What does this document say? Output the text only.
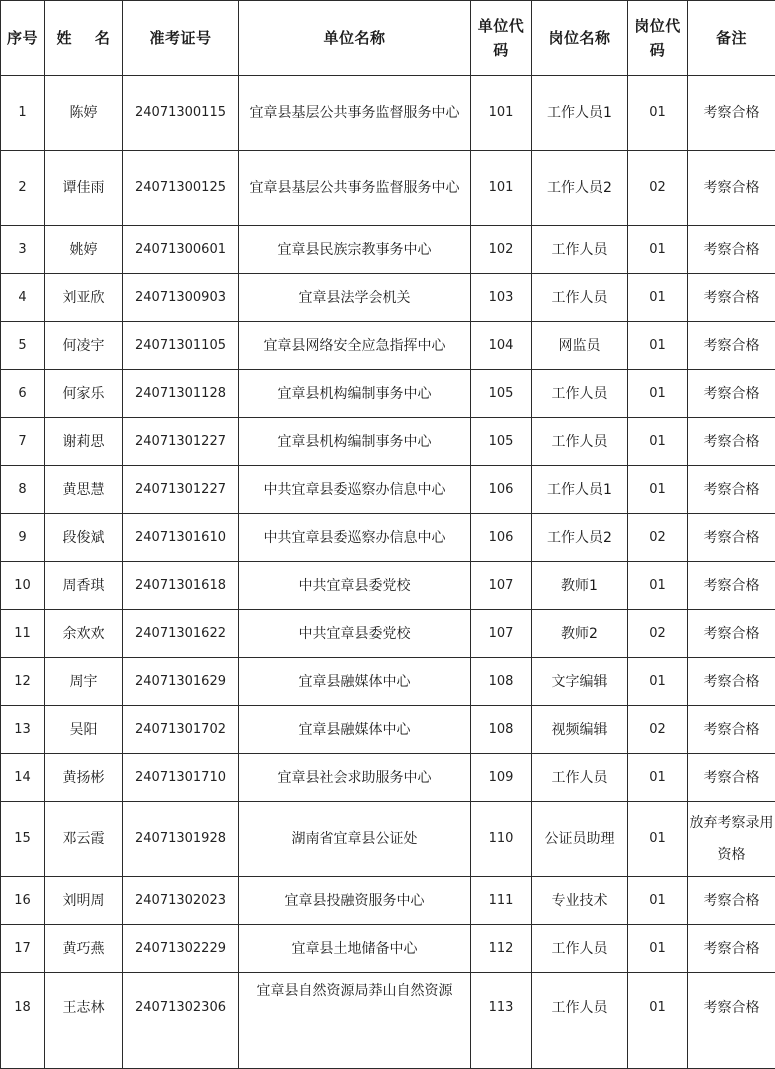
序号	姓    名	准考证号	单位名称	单位代码	岗位名称	岗位代码	备注
1	陈婷	24071300115	宜章县基层公共事务监督服务中心	101	工作人员1	01	考察合格
2	谭佳雨	24071300125	宜章县基层公共事务监督服务中心	101	工作人员2	02	考察合格
3	姚婷	24071300601	宜章县民族宗教事务中心	102	工作人员	01	考察合格
4	刘亚欣	24071300903	宜章县法学会机关	103	工作人员	01	考察合格
5	何凌宇	24071301105	宜章县网络安全应急指挥中心	104	网监员	01	考察合格
6	何家乐	24071301128	宜章县机构编制事务中心	105	工作人员	01	考察合格
7	谢莉思	24071301227	宜章县机构编制事务中心	105	工作人员	01	考察合格
8	黄思慧	24071301227	中共宜章县委巡察办信息中心	106	工作人员1	01	考察合格
9	段俊斌	24071301610	中共宜章县委巡察办信息中心	106	工作人员2	02	考察合格
10	周香琪	24071301618	中共宜章县委党校	107	教师1	01	考察合格
11	余欢欢	24071301622	中共宜章县委党校	107	教师2	02	考察合格
12	周宇	24071301629	宜章县融媒体中心	108	文字编辑	01	考察合格
13	吴阳	24071301702	宜章县融媒体中心	108	视频编辑	02	考察合格
14	黄扬彬	24071301710	宜章县社会求助服务中心	109	工作人员	01	考察合格
15	邓云霞	24071301928	湖南省宜章县公证处	110	公证员助理	01	放弃考察录用资格
16	刘明周	24071302023	宜章县投融资服务中心	111	专业技术	01	考察合格
17	黄巧燕	24071302229	宜章县土地储备中心	112	工作人员	01	考察合格
18	王志林	24071302306	宜章县自然资源局莽山自然资源	113	工作人员	01	考察合格
